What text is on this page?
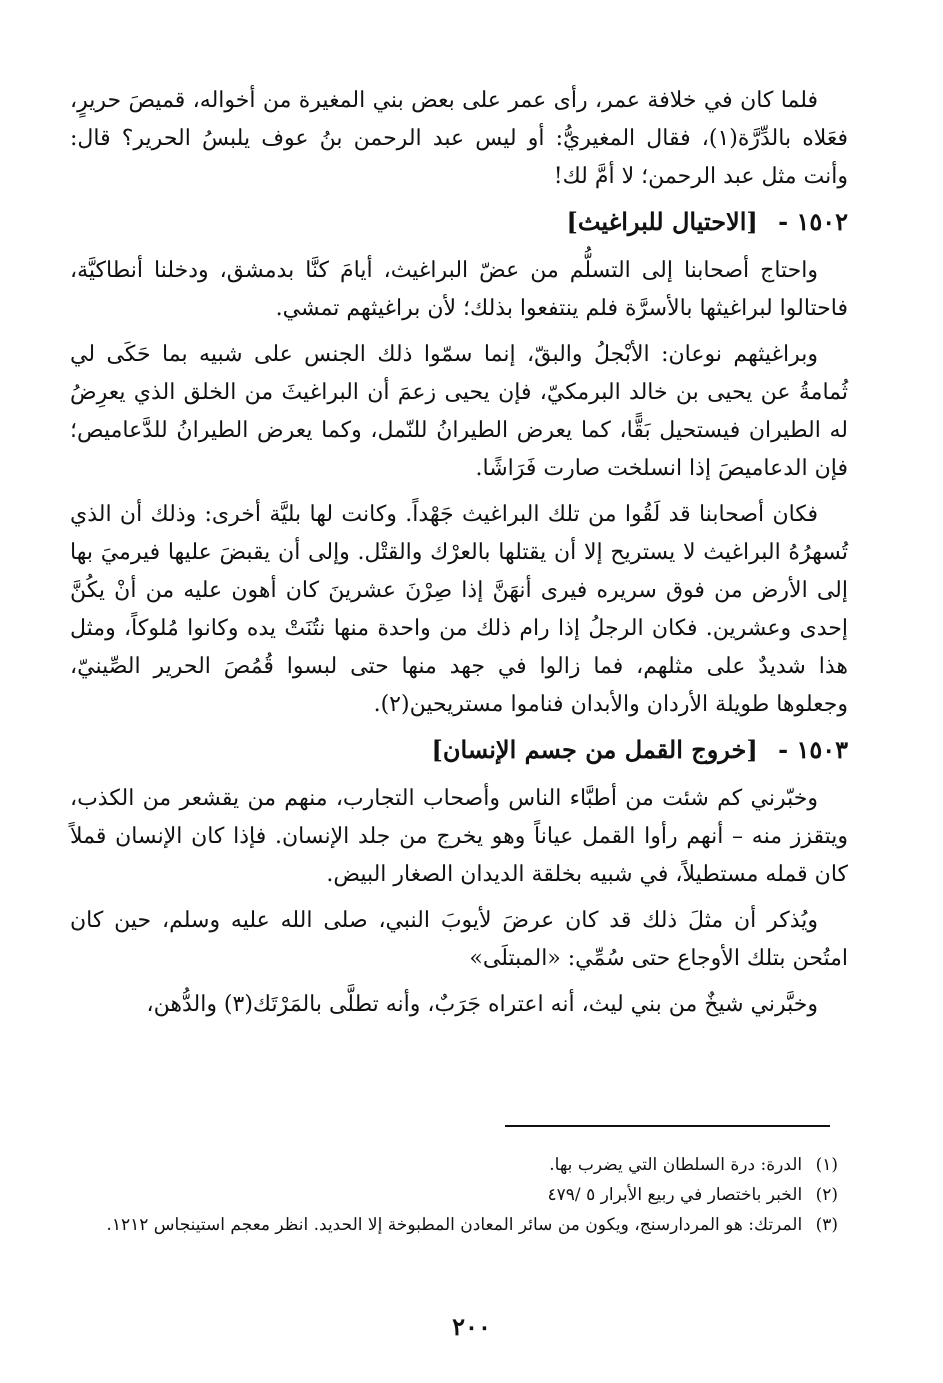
فلما كان في خلافة عمر، رأى عمر على بعض بني المغيرة من أخواله، قميصَ حريرٍ، فعَلاه بالدِّرَّة(١)، فقال المغيريُّ: أو ليس عبد الرحمن بنُ عوف يلبسُ الحرير؟ قال: وأنت مثل عبد الرحمن؛ لا أمَّ لك!

١٥٠٢ - [الاحتيال للبراغيث]

واحتاج أصحابنا إلى التسلُّم من عضّ البراغيث، أيامَ كنَّا بدمشق، ودخلنا أنطاكيَّة، فاحتالوا لبراغيثها بالأسرَّة فلم ينتفعوا بذلك؛ لأن براغيثهم تمشي.

وبراغيثهم نوعان: الأبْجلُ والبقّ، إنما سمّوا ذلك الجنس على شبيه بما حَكَى لي ثُمامةُ عن يحيى بن خالد البرمكيّ، فإن يحيى زعمَ أن البراغيثَ من الخلق الذي يعرِضُ له الطيران فيستحيل بَقًّا، كما يعرض الطيرانُ للنّمل، وكما يعرض الطيرانُ للدَّعاميص؛ فإن الدعاميصَ إذا انسلخت صارت فَرَاشًا.

فكان أصحابنا قد لَقُوا من تلك البراغيث جَهْداً. وكانت لها بليَّة أخرى: وذلك أن الذي تُسهرُهُ البراغيث لا يستريح إلا أن يقتلها بالعرْك والقتْل. وإلى أن يقبضَ عليها فيرميَ بها إلى الأرض من فوق سريره فيرى أنهَنَّ إذا صِرْنَ عشرينَ كان أهون عليه من أنْ يكُنَّ إحدى وعشرين. فكان الرجلُ إذا رام ذلك من واحدة منها نتُنَتْ يده وكانوا مُلوكاً، ومثل هذا شديدٌ على مثلهم، فما زالوا في جهد منها حتى لبسوا قُمُصَ الحرير الصِّينيّ، وجعلوها طويلة الأردان والأبدان فناموا مستريحين(٢).

١٥٠٣ - [خروج القمل من جسم الإنسان]

وخبّرني كم شئت من أطبَّاء الناس وأصحاب التجارب، منهم من يقشعر من الكذب، ويتقزز منه – أنهم رأوا القمل عياناً وهو يخرج من جلد الإنسان. فإذا كان الإنسان قملاً كان قمله مستطيلاً، في شبيه بخلقة الديدان الصغار البيض.

ويُذكر أن مثلَ ذلك قد كان عرضَ لأيوبَ النبي، صلى الله عليه وسلم، حين كان امتُحن بتلك الأوجاع حتى سُمِّي: «المبتلَى»

وخبَّرني شيخٌ من بني ليث، أنه اعتراه جَرَبٌ، وأنه تطلَّى بالمَرْتَك(٣) والدُّهن،

(١) الدرة: درة السلطان التي يضرب بها.

(٢) الخبر باختصار في ربيع الأبرار ٥ /٤٧٩

(٣) المرتك: هو المردارسنج، ويكون من سائر المعادن المطبوخة إلا الحديد. انظر معجم استينجاس ١٢١٢.

٢٠٠
